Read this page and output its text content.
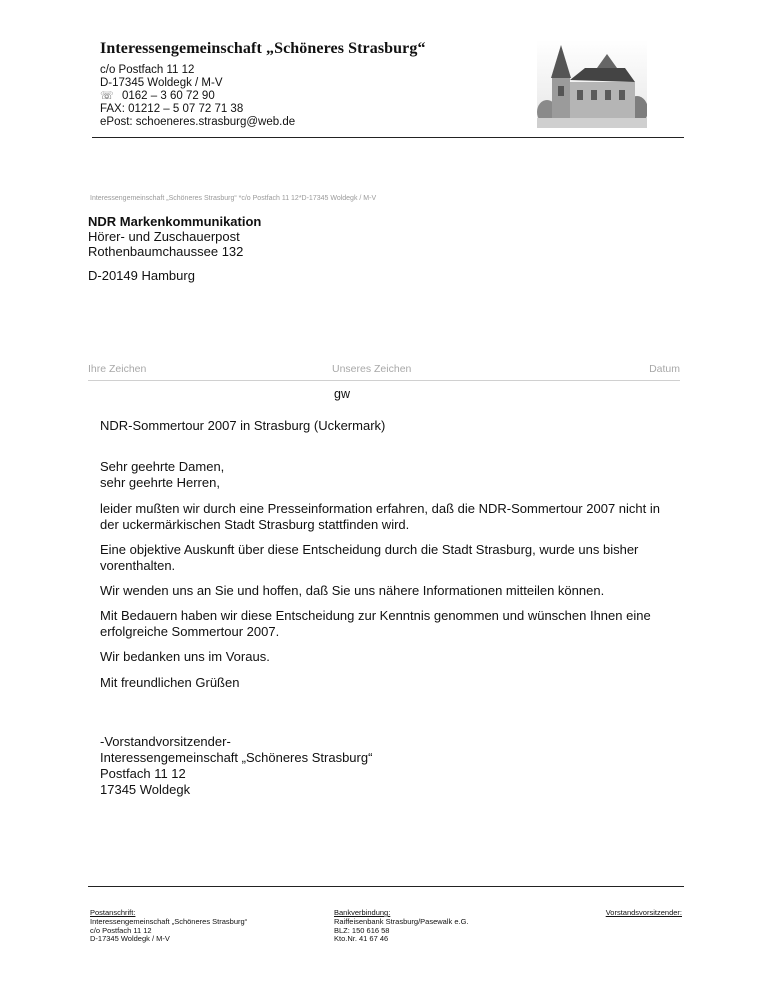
Interessengemeinschaft „Schöneres Strasburg“
c/o Postfach 11 12
D-17345 Woldegk / M-V
☏ 0162 – 3 60 72 90
FAX: 01212 – 5 07 72 71 38
ePost: schoeneres.strasburg@web.de
Interessengemeinschaft „Schöneres Strasburg“ *c/o Postfach 11 12*D-17345 Woldegk / M-V
NDR Markenkommunikation
Hörer- und Zuschauerpost
Rothenbaumchaussee 132
D-20149 Hamburg
Ihre Zeichen	Unseres Zeichen	Datum
gw
NDR-Sommertour 2007 in Strasburg (Uckermark)
Sehr geehrte Damen,
sehr geehrte Herren,
leider mußten wir durch eine Presseinformation erfahren, daß die NDR-Sommertour 2007 nicht in
der uckermärkischen Stadt Strasburg stattfinden wird.
Eine objektive Auskunft über diese Entscheidung durch die Stadt Strasburg, wurde uns bisher
vorenthalten.
Wir wenden uns an Sie und hoffen, daß Sie uns nähere Informationen mitteilen können.
Mit Bedauern haben wir diese Entscheidung zur Kenntnis genommen und wünschen Ihnen eine
erfolgreiche Sommertour 2007.
Wir bedanken uns im Voraus.
Mit freundlichen Grüßen
-Vorstandvorsitzender-
Interessengemeinschaft „Schöneres Strasburg“
Postfach 11 12
17345 Woldegk
Postanschrift:
Interessengemeinschaft „Schöneres Strasburg“
c/o Postfach 11 12
D-17345 Woldegk / M-V
Bankverbindung:
Raiffeisenbank Strasburg/Pasewalk e.G.
BLZ: 150 616 58
Kto.Nr. 41 67 46
Vorstandsvorsitzender:
